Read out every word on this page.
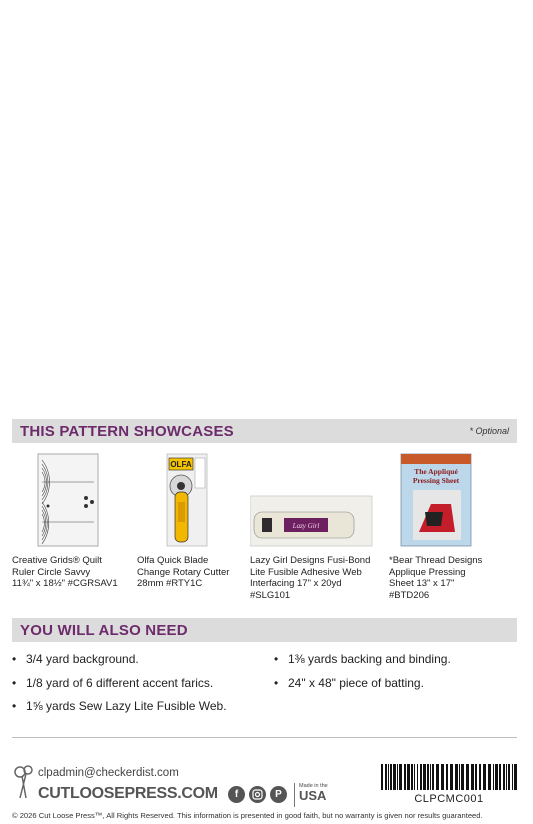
THIS PATTERN SHOWCASES	* Optional
Creative Grids® Quilt
Ruler Circle Savvy
11¾" x 18½" #CGRSAV1
OLFA
Olfa Quick Blade
Change Rotary Cutter
28mm #RTY1C
Lazy Girl
Lazy Girl Designs Fusi-Bond
Lite Fusible Adhesive Web
Interfacing 17" x 20yd
#SLG101
The Appliqué
Pressing Sheet
*Bear Thread Designs
Applique Pressing
Sheet 13" x 17"
#BTD206
YOU WILL ALSO NEED
• 3/4 yard background.
• 1/8 yard of 6 different accent farics.
• 1⅝ yards Sew Lazy Lite Fusible Web.
• 1⅜ yards backing and binding.
• 24" x 48" piece of batting.
clpadmin@checkerdist.com
CUTLOOSEPRESS.COM	f	P
Made in the
USA	CLPCMC001
© 2026 Cut Loose Press™, All Rights Reserved. This information is presented in good faith, but no warranty is given nor results guaranteed.
